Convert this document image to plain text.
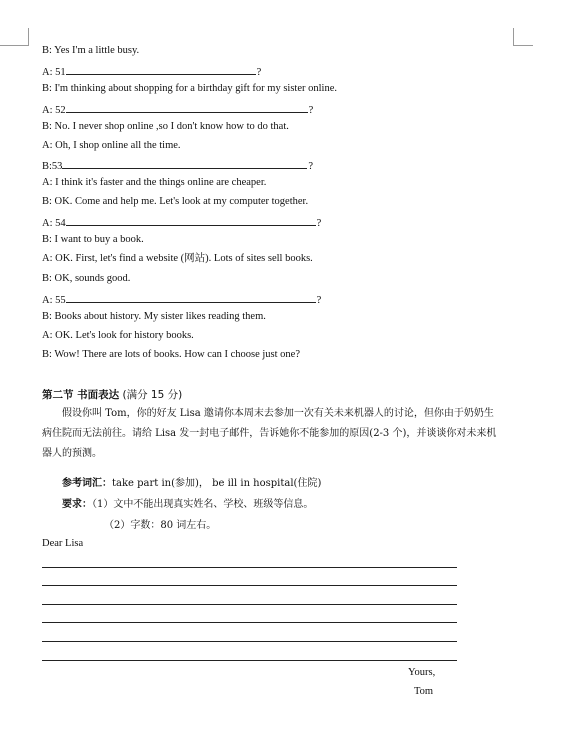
B: Yes I'm a little busy.
A: 51	?
B: I'm thinking about shopping for a birthday gift for my sister online.
A: 52	?
B: No. I never shop online ,so I don't know how to do that.
A: Oh, I shop online all the time.
B:53	?
A: I think it's faster and the things online are cheaper.
B: OK. Come and help me. Let's look at my computer together.
A: 54	?
B: I want to buy a book.
A: OK. First, let's find a website (网站). Lots of sites sell books.
B: OK, sounds good.
A: 55	?
B: Books about history. My sister likes reading them.
A: OK. Let's look for history books.
B: Wow! There are lots of books. How can I choose just one?
第二节 书面表达 (满分 15 分)
假设你叫 Tom，你的好友 Lisa 邀请你本周末去参加一次有关未来机器人的讨论，但你由于奶奶生病住院而无法前往。请给 Lisa 发一封电子邮件，告诉她你不能参加的原因(2-3 个)，并谈谈你对未来机器人的预测。
参考词汇：take part in(参加)， be ill in hospital(住院)
要求：（1）文中不能出现真实姓名、学校、班级等信息。
（2）字数：80 词左右。
Dear Lisa
Yours,
Tom
